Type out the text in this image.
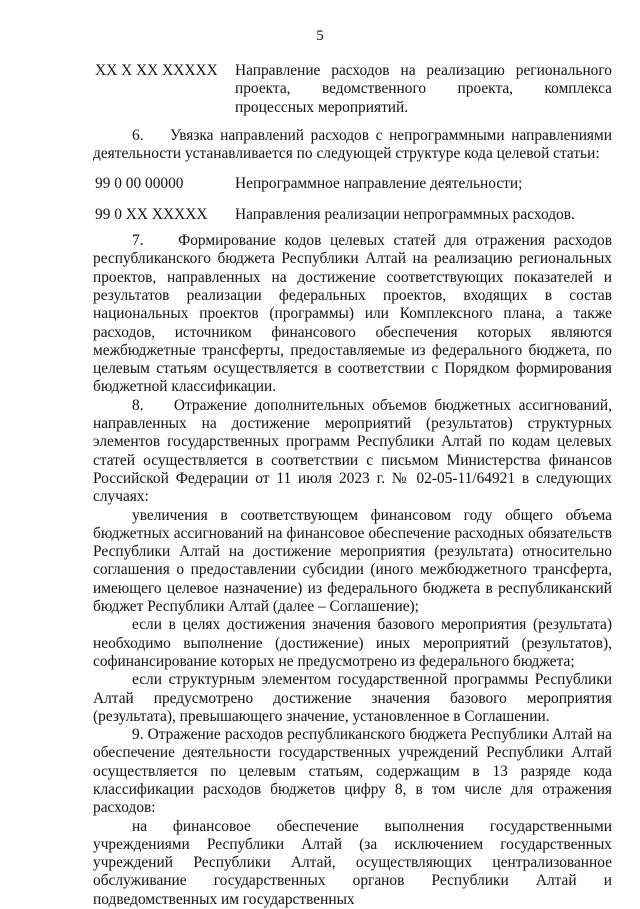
5
ХХ Х ХХ ХХХХХ	Направление расходов на реализацию регионального проекта, ведомственного проекта, комплекса процессных мероприятий.

6.    Увязка направлений расходов с непрограммными направлениями деятельности устанавливается по следующей структуре кода целевой статьи:

99 0 00 00000	Непрограммное направление деятельности;
99 0 ХХ ХХХХХ	Направления реализации непрограммных расходов.

7.    Формирование кодов целевых статей для отражения расходов республиканского бюджета Республики Алтай на реализацию региональных проектов, направленных на достижение соответствующих показателей и результатов реализации федеральных проектов, входящих в состав национальных проектов (программы) или Комплексного плана, а также расходов, источником финансового обеспечения которых являются межбюджетные трансферты, предоставляемые из федерального бюджета, по целевым статьям осуществляется в соответствии с Порядком формирования бюджетной классификации.

8.    Отражение дополнительных объемов бюджетных ассигнований, направленных на достижение мероприятий (результатов) структурных элементов государственных программ Республики Алтай по кодам целевых статей осуществляется в соответствии с письмом Министерства финансов Российской Федерации от 11 июля 2023 г. № 02-05-11/64921 в следующих случаях:

увеличения в соответствующем финансовом году общего объема бюджетных ассигнований на финансовое обеспечение расходных обязательств Республики Алтай на достижение мероприятия (результата) относительно соглашения о предоставлении субсидии (иного межбюджетного трансферта, имеющего целевое назначение) из федерального бюджета в республиканский бюджет Республики Алтай (далее – Соглашение);

если в целях достижения значения базового мероприятия (результата) необходимо выполнение (достижение) иных мероприятий (результатов), софинансирование которых не предусмотрено из федерального бюджета;

если структурным элементом государственной программы Республики Алтай предусмотрено достижение значения базового мероприятия (результата), превышающего значение, установленное в Соглашении.

9. Отражение расходов республиканского бюджета Республики Алтай на обеспечение деятельности государственных учреждений Республики Алтай осуществляется по целевым статьям, содержащим в 13 разряде кода классификации расходов бюджетов цифру 8, в том числе для отражения расходов:

на финансовое обеспечение выполнения государственными учреждениями Республики Алтай (за исключением государственных учреждений Республики Алтай, осуществляющих централизованное обслуживание государственных органов Республики Алтай и подведомственных им государственных
